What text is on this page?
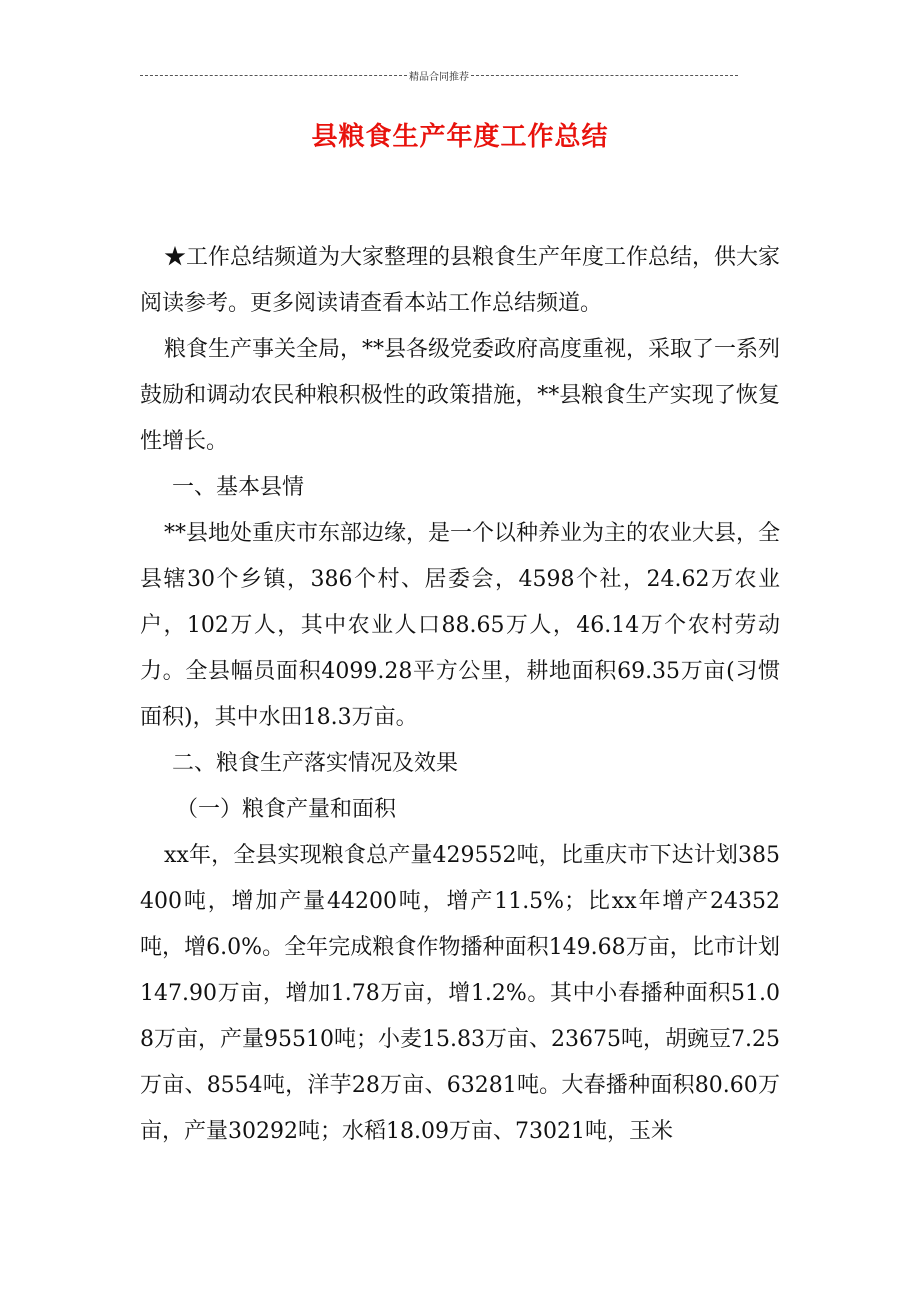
精品合同推荐
县粮食生产年度工作总结

★工作总结频道为大家整理的县粮食生产年度工作总结，供大家阅读参考。更多阅读请查看本站工作总结频道。

粮食生产事关全局，**县各级党委政府高度重视，采取了一系列鼓励和调动农民种粮积极性的政策措施，**县粮食生产实现了恢复性增长。

一、基本县情

**县地处重庆市东部边缘，是一个以种养业为主的农业大县，全县辖30个乡镇，386个村、居委会，4598个社，24.62万农业户，102万人，其中农业人口88.65万人，46.14万个农村劳动力。全县幅员面积4099.28平方公里，耕地面积69.35万亩(习惯面积)，其中水田18.3万亩。

二、粮食生产落实情况及效果

（一）粮食产量和面积

xx年，全县实现粮食总产量429552吨，比重庆市下达计划385400吨，增加产量44200吨，增产11.5%；比xx年增产24352吨，增6.0%。全年完成粮食作物播种面积149.68万亩，比市计划147.90万亩，增加1.78万亩，增1.2%。其中小春播种面积51.08万亩，产量95510吨；小麦15.83万亩、23675吨，胡豌豆7.25万亩、8554吨，洋芋28万亩、63281吨。大春播种面积80.60万亩，产量30292吨；水稻18.09万亩、73021吨，玉米
